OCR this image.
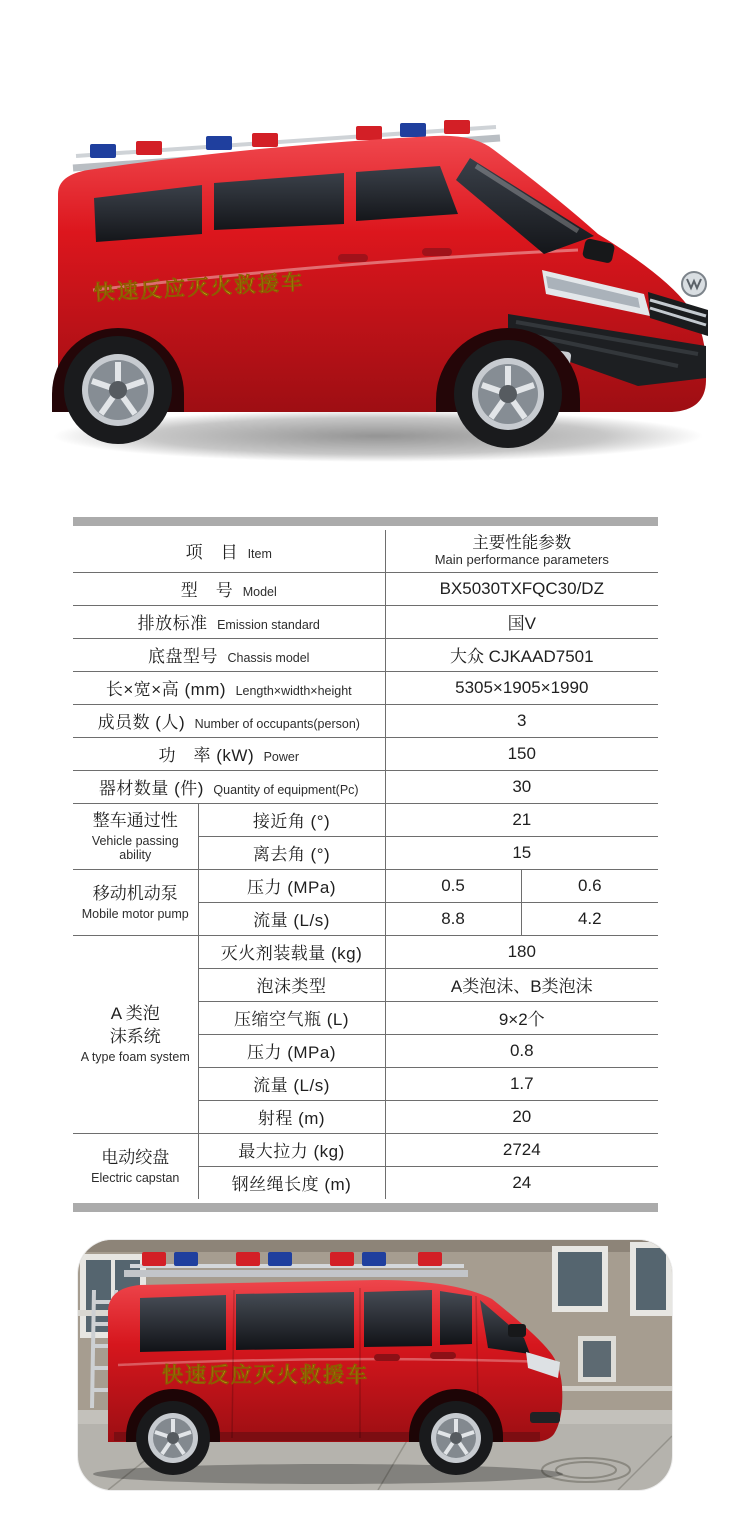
快速反应灭火救援车
项　目 Item		主要性能参数
Main performance parameters	

型　号 Model		BX5030TXFQC30/DZ	
排放标准 Emission standard		国V	
底盘型号 Chassis model		大众 CJKAAD7501	
长×宽×高 (mm) Length×width×height		5305×1905×1990	
成员数 (人) Number of occupants(person)		3	
功　率 (kW) Power		150	
器材数量 (件) Quantity of equipment(Pc)		30	

整车通过性
Vehicle passing ability	接近角 (°)	21	
	离去角 (°)	15	

移动机动泵
Mobile motor pump	压力 (MPa)	0.5	0.6
	流量 (L/s)	8.8	4.2

A 类泡
沫系统
A type foam system	灭火剂装载量 (kg)	180	
	泡沫类型	A类泡沫、B类泡沫	
	压缩空气瓶 (L)	9×2个	
	压力 (MPa)	0.8	
	流量 (L/s)	1.7	
	射程 (m)	20	

电动绞盘
Electric capstan	最大拉力 (kg)	2724	
	钢丝绳长度 (m)	24	
快速反应灭火救援车
